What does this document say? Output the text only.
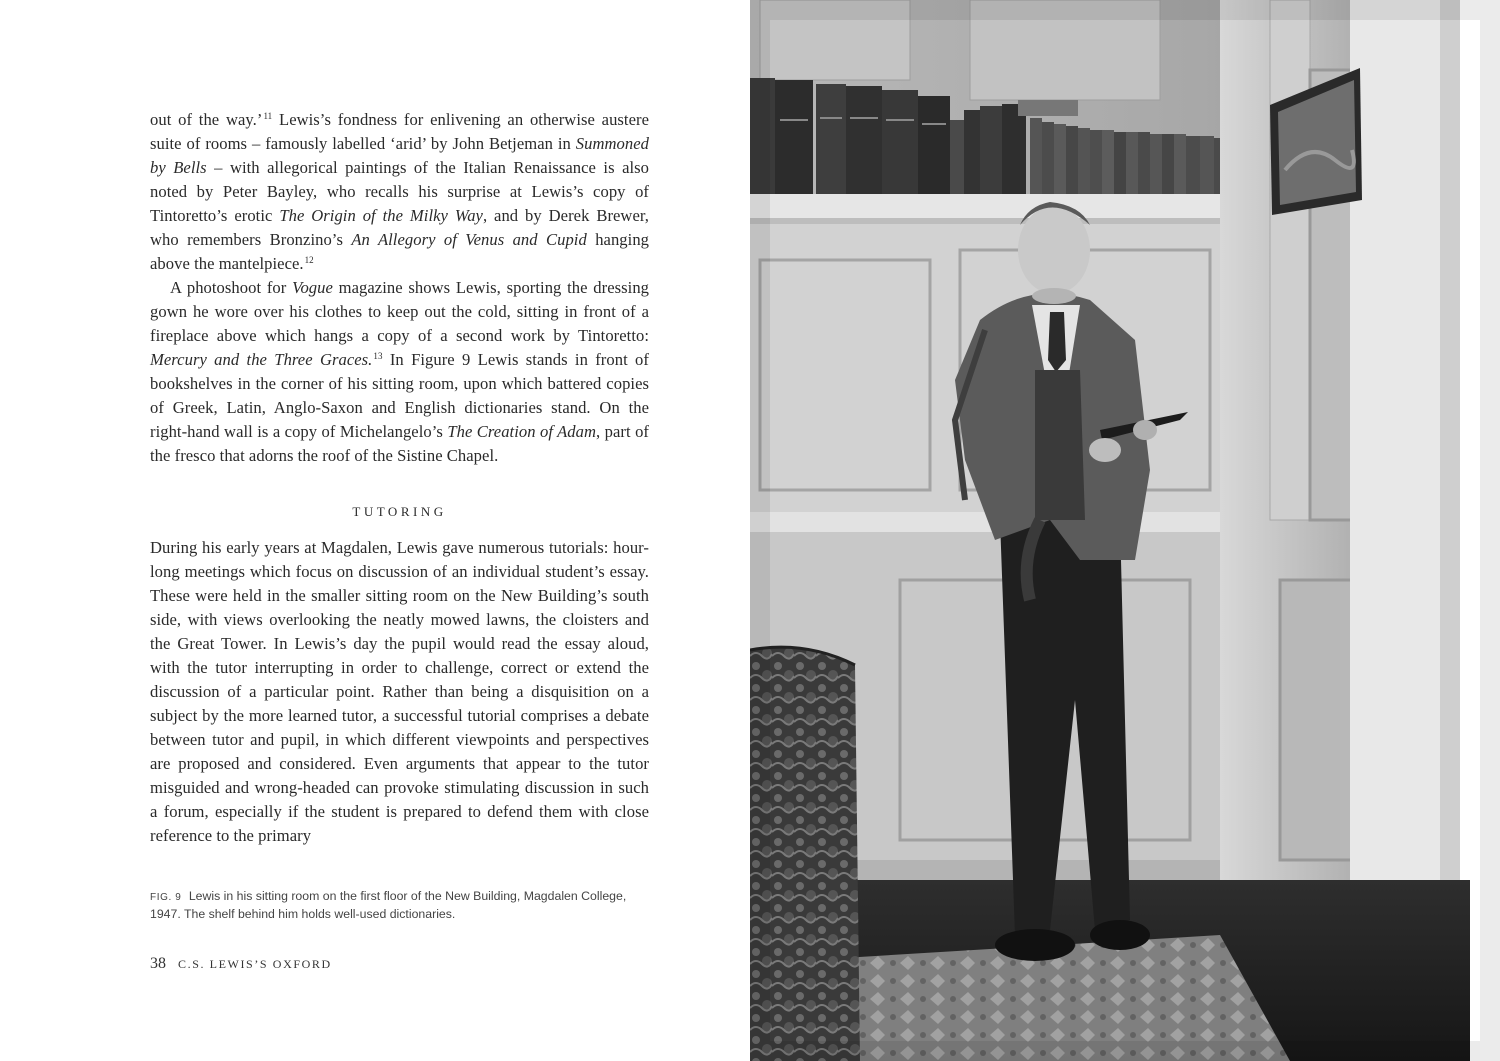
out of the way.’$^{11}$ Lewis’s fondness for enlivening an otherwise austere suite of rooms – famously labelled ‘arid’ by John Betjeman in Summoned by Bells – with allegorical paintings of the Italian Renaissance is also noted by Peter Bayley, who recalls his surprise at Lewis’s copy of Tintoretto’s erotic The Origin of the Milky Way, and by Derek Brewer, who remembers Bronzino’s An Allegory of Venus and Cupid hanging above the mantelpiece.$^{12}$

A photoshoot for Vogue magazine shows Lewis, sporting the dressing gown he wore over his clothes to keep out the cold, sitting in front of a fireplace above which hangs a copy of a second work by Tintoretto: Mercury and the Three Graces.$^{13}$ In Figure 9 Lewis stands in front of bookshelves in the corner of his sitting room, upon which battered copies of Greek, Latin, Anglo-Saxon and English dictionaries stand. On the right-hand wall is a copy of Michelangelo’s The Creation of Adam, part of the fresco that adorns the roof of the Sistine Chapel.

TUTORING

During his early years at Magdalen, Lewis gave numerous tutorials: hour-long meetings which focus on discussion of an individual student’s essay. These were held in the smaller sitting room on the New Building’s south side, with views overlooking the neatly mowed lawns, the cloisters and the Great Tower. In Lewis’s day the pupil would read the essay aloud, with the tutor interrupting in order to challenge, correct or extend the discussion of a particular point. Rather than being a disquisition on a subject by the more learned tutor, a successful tutorial comprises a debate between tutor and pupil, in which different viewpoints and perspectives are proposed and considered. Even arguments that appear to the tutor misguided and wrong-headed can provoke stimulating discussion in such a forum, especially if the student is prepared to defend them with close reference to the primary

FIG. 9 Lewis in his sitting room on the first floor of the New Building, Magdalen College, 1947. The shelf behind him holds well-used dictionaries.
38 C.S. LEWIS’S OXFORD
